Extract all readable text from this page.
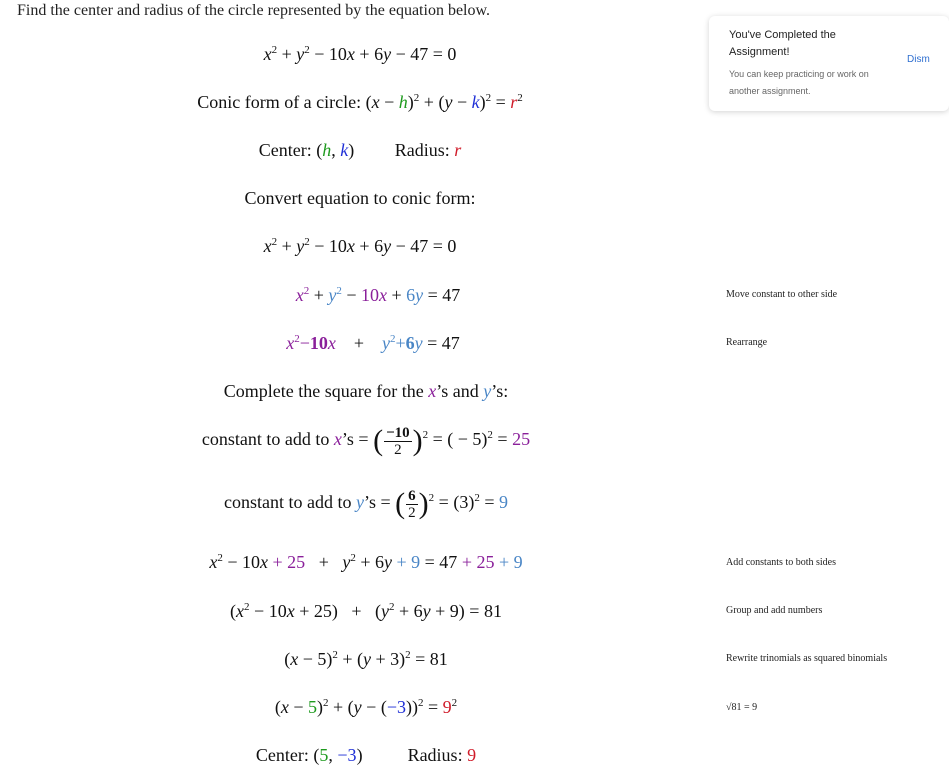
Find the center and radius of the circle represented by the equation below.
$x^2 + y^2 - 10x + 6y - 47 = 0$
Conic form of a circle: $(x - h)^2 + (y - k)^2 = r^2$
Center: (h, k)         Radius: r
Convert equation to conic form:
$x^2 + y^2 - 10x + 6y - 47 = 0$
$x^2 + y^2 - 10x + 6y = 47$
$x^2-10x$    +    $y^2+6y = 47$
Complete the square for the x’s and y’s:
constant to add to x’s = ( $\frac{-10}{2} )^2$ = ( − 5)$^2$ = 25
constant to add to y’s = ( $\frac{6}{2} )^2 = (3)^2 = 9$
$x^2 - 10x + 25 + y^2 + 6y + 9 = 47 + 25 + 9$
$(x^2 - 10x + 25) + (y^2 + 6y + 9) = 81$
$(x - 5)^2 + (y + 3)^2 = 81$
$(x - 5)^2 + (y - (-3))^2 = 9^2$
Center: (5, −3)          Radius: 9
Move constant to other side
Rearrange
Add constants to both sides
Group and add numbers
Rewrite trinomials as squared binomials
√81 = 9
You've Completed the Assignment!
You can keep practicing or work on another assignment.
Dism
